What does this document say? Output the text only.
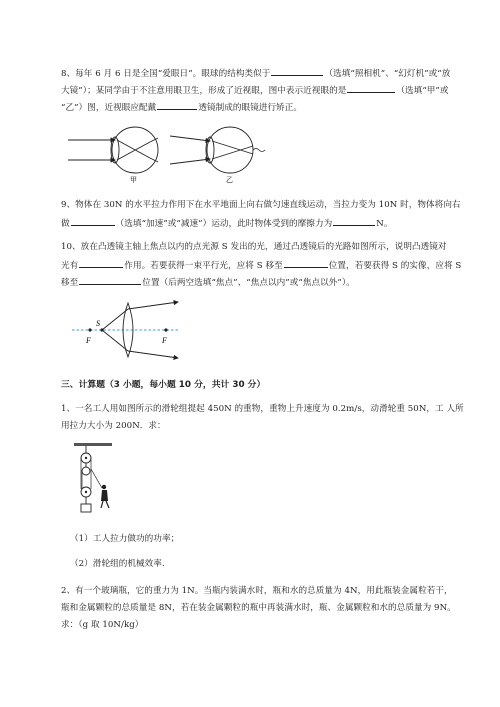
8、每年 6 月 6 日是全国“爱眼日”。眼球的结构类似于	（选填“照相机”、“幻灯机”或“放
大镜”）；某同学由于不注意用眼卫生，形成了近视眼，图中表示近视眼的是	（选填“甲”或
“乙”）图，近视眼应配戴	透镜制成的眼镜进行矫正。
甲	乙
9、物体在 30N 的水平拉力作用下在水平地面上向右做匀速直线运动，当拉力变为 10N 时，物体将向右
做	（选填“加速”或“减速”）运动，此时物体受到的摩擦力为	N。
10、放在凸透镜主轴上焦点以内的点光源 S 发出的光，通过凸透镜后的光路如图所示，说明凸透镜对
光有	作用。若要获得一束平行光，应将 S 移至	位置，若要获得 S 的实像，应将 S
移至	位置（后两空选填“焦点”、“焦点以内”或“焦点以外”）。
S
F	F
三、计算题（3 小题，每小题 10 分，共计 30 分）
1、一名工人用如图所示的滑轮组提起 450N 的重物，重物上升速度为 0.2m/s，动滑轮重 50N，工 人所
用拉力大小为 200N．求：
（1）工人拉力做功的功率；
（2）滑轮组的机械效率.
2、有一个玻璃瓶，它的重力为 1N。当瓶内装满水时，瓶和水的总质量为 4N，用此瓶装金属粒若干，
瓶和金属颗粒的总质量是 8N，若在装金属颗粒的瓶中再装满水时，瓶、金属颗粒和水的总质量为 9N。
求：（g 取 10N/kg）
